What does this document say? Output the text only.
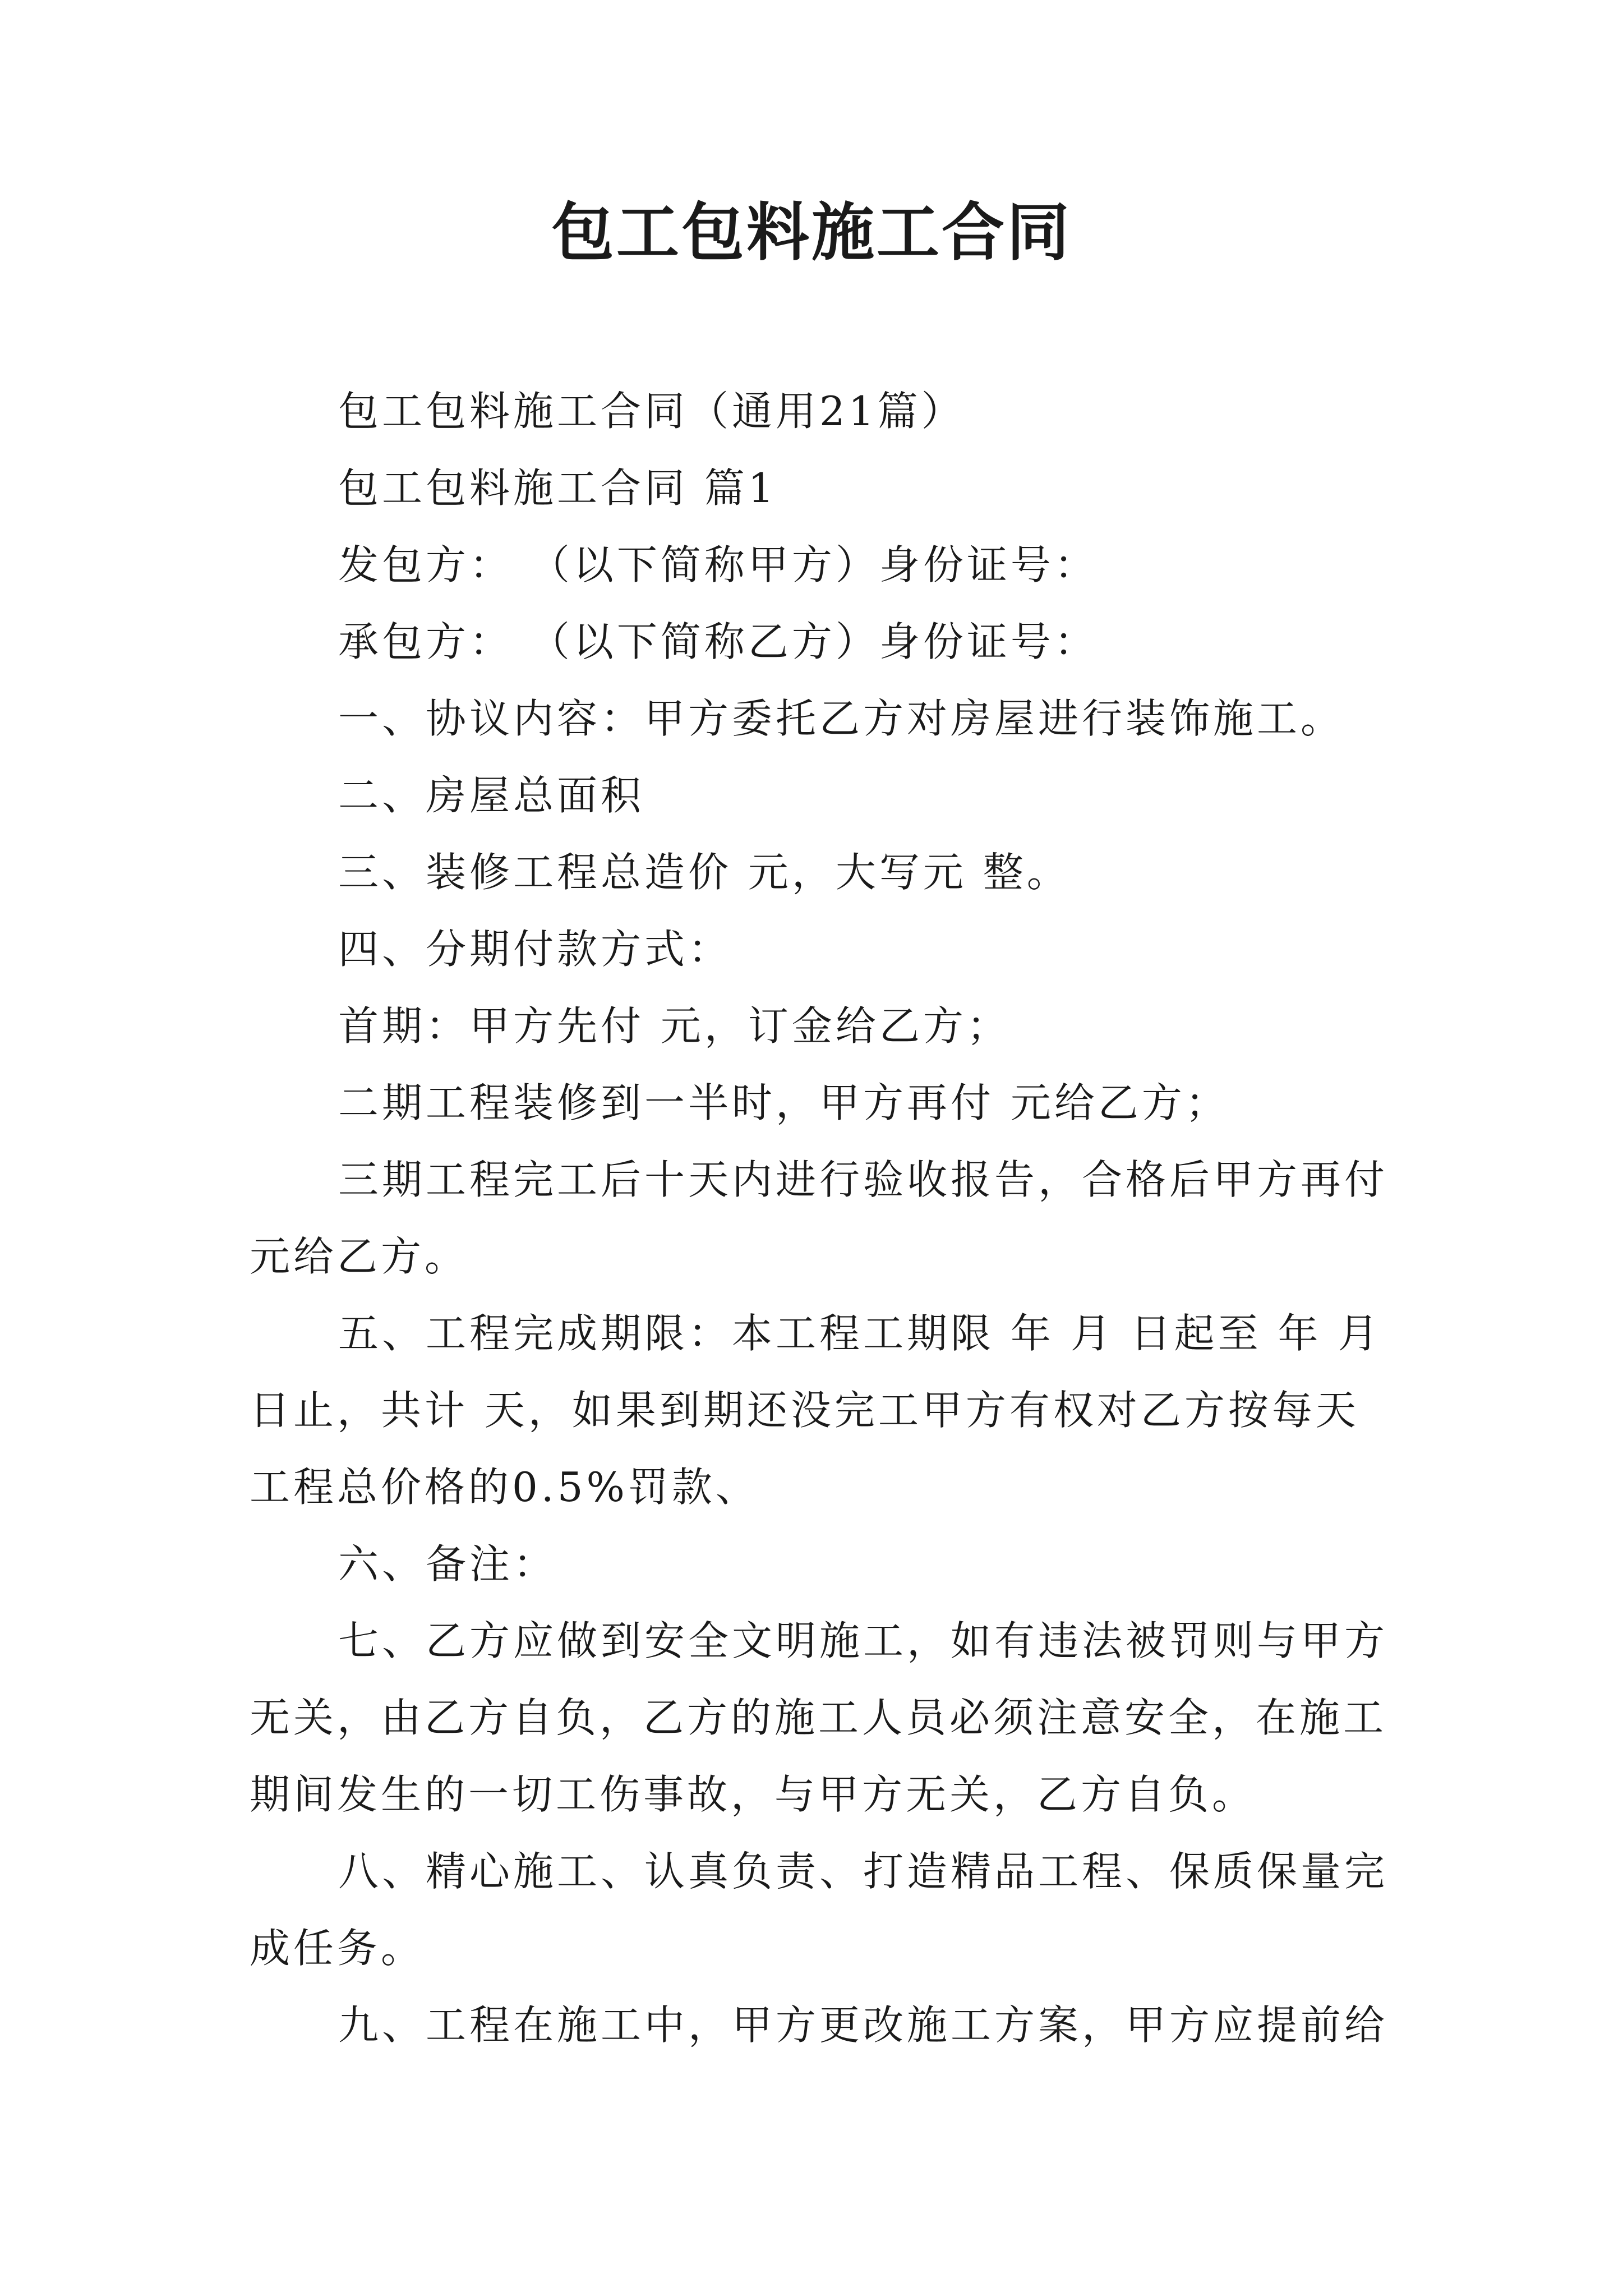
包工包料施工合同

包工包料施工合同（通用21篇）

包工包料施工合同 篇1

发包方： （以下简称甲方）身份证号：

承包方： （以下简称乙方）身份证号：

一、协议内容：甲方委托乙方对房屋进行装饰施工。

二、房屋总面积

三、装修工程总造价 元，大写元 整。

四、分期付款方式：

首期：甲方先付 元，订金给乙方；

二期工程装修到一半时，甲方再付 元给乙方；

三期工程完工后十天内进行验收报告，合格后甲方再付元给乙方。

五、工程完成期限：本工程工期限 年 月 日起至 年 月 日止，共计 天，如果到期还没完工甲方有权对乙方按每天工程总价格的0.5%罚款、

六、备注：

七、乙方应做到安全文明施工，如有违法被罚则与甲方无关，由乙方自负，乙方的施工人员必须注意安全，在施工期间发生的一切工伤事故，与甲方无关，乙方自负。

八、精心施工、认真负责、打造精品工程、保质保量完成任务。

九、工程在施工中，甲方更改施工方案，甲方应提前给
